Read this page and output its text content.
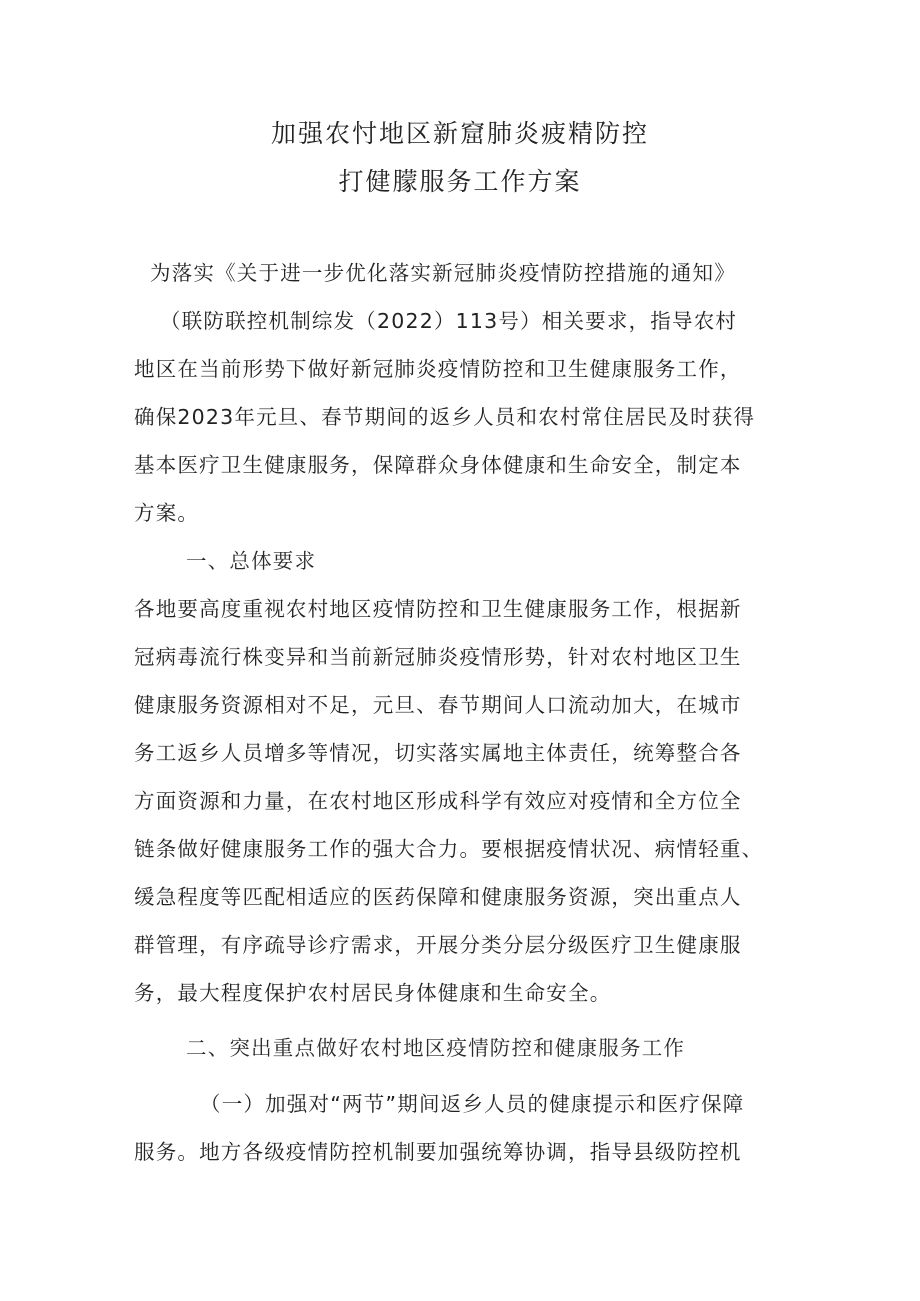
加强农忖地区新窟肺炎疲精防控
打健朦服务工作方案
为落实《关于进一步优化落实新冠肺炎疫情防控措施的通知》
（联防联控机制综发（2022）113号）相关要求，指导农村
地区在当前形势下做好新冠肺炎疫情防控和卫生健康服务工作，
确保2023年元旦、春节期间的返乡人员和农村常住居民及时获得
基本医疗卫生健康服务，保障群众身体健康和生命安全，制定本
方案。
一、总体要求
各地要高度重视农村地区疫情防控和卫生健康服务工作，根据新
冠病毒流行株变异和当前新冠肺炎疫情形势，针对农村地区卫生
健康服务资源相对不足，元旦、春节期间人口流动加大，在城市
务工返乡人员增多等情况，切实落实属地主体责任，统筹整合各
方面资源和力量，在农村地区形成科学有效应对疫情和全方位全
链条做好健康服务工作的强大合力。要根据疫情状况、病情轻重、
缓急程度等匹配相适应的医药保障和健康服务资源，突出重点人
群管理，有序疏导诊疗需求，开展分类分层分级医疗卫生健康服
务，最大程度保护农村居民身体健康和生命安全。
二、突出重点做好农村地区疫情防控和健康服务工作
（一）加强对“两节”期间返乡人员的健康提示和医疗保障
服务。地方各级疫情防控机制要加强统筹协调，指导县级防控机
